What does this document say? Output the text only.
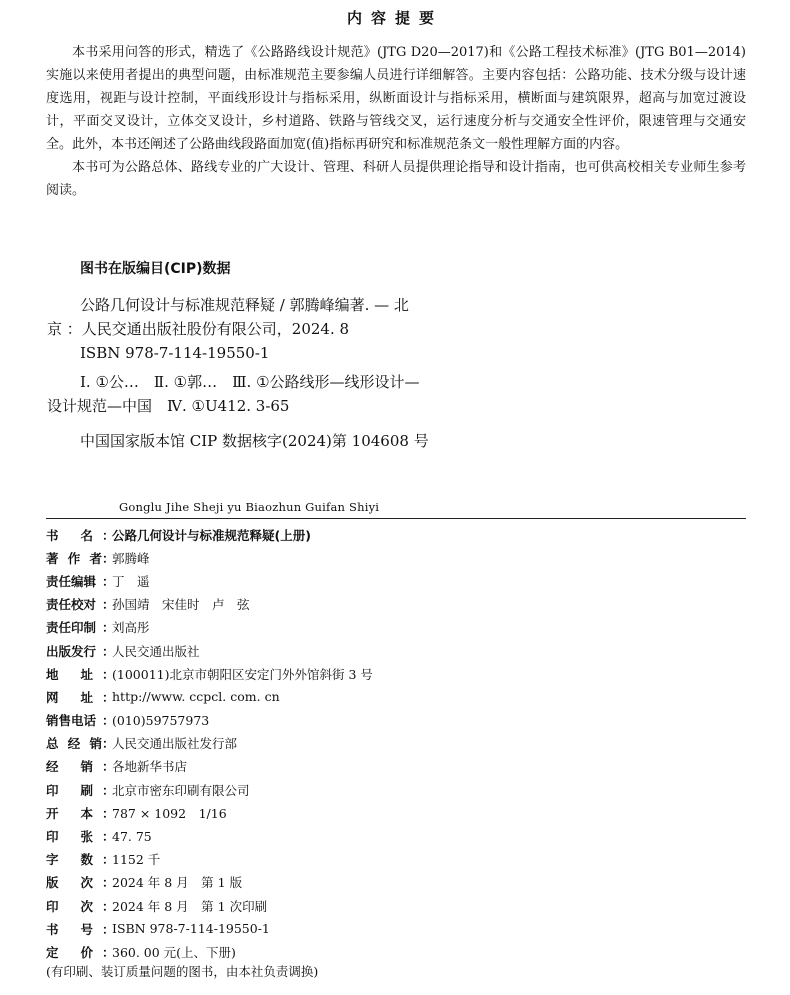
内容提要

本书采用问答的形式，精选了《公路路线设计规范》(JTG D20—2017)和《公路工程技术标准》(JTG B01—2014)实施以来使用者提出的典型问题，由标准规范主要参编人员进行详细解答。主要内容包括：公路功能、技术分级与设计速度选用，视距与设计控制，平面线形设计与指标采用，纵断面设计与指标采用，横断面与建筑限界，超高与加宽过渡设计，平面交叉设计，立体交叉设计，乡村道路、铁路与管线交叉，运行速度分析与交通安全性评价，限速管理与交通安全。此外，本书还阐述了公路曲线段路面加宽(值)指标再研究和标准规范条文一般性理解方面的内容。

本书可为公路总体、路线专业的广大设计、管理、科研人员提供理论指导和设计指南，也可供高校相关专业师生参考阅读。

图书在版编目(CIP)数据
公路几何设计与标准规范释疑 / 郭腾峰编著. — 北
京 ：人民交通出版社股份有限公司，2024. 8
ISBN 978-7-114-19550-1
Ⅰ. ①公…　Ⅱ. ①郭…　Ⅲ. ①公路线形—线形设计—
设计规范—中国　Ⅳ. ①U412. 3-65
中国国家版本馆 CIP 数据核字(2024)第 104608 号
Gonglu Jihe Sheji yu Biaozhun Guifan Shiyi
书 名 ：
公路几何设计与标准规范释疑(上册)
著 作 者 ：
郭腾峰
责任编辑 ：
丁　遥
责任校对 ：
孙国靖　宋佳时　卢　弦
责任印制 ：
刘高彤
出版发行 ：
人民交通出版社
地 址 ：
(100011)北京市朝阳区安定门外外馆斜街 3 号
网 址 ：
http://www. ccpcl. com. cn
销售电话 ：
(010)59757973
总 经 销 ：
人民交通出版社发行部
经 销 ：
各地新华书店
印 刷 ：
北京市密东印刷有限公司
开 本 ：
787 × 1092　1/16
印 张 ：
47. 75
字 数 ：
1152 千
版 次 ：
2024 年 8 月　第 1 版
印 次 ：
2024 年 8 月　第 1 次印刷
书 号 ：
ISBN 978-7-114-19550-1
定 价 ：
360. 00 元(上、下册)
(有印刷、装订质量问题的图书，由本社负责调换)
